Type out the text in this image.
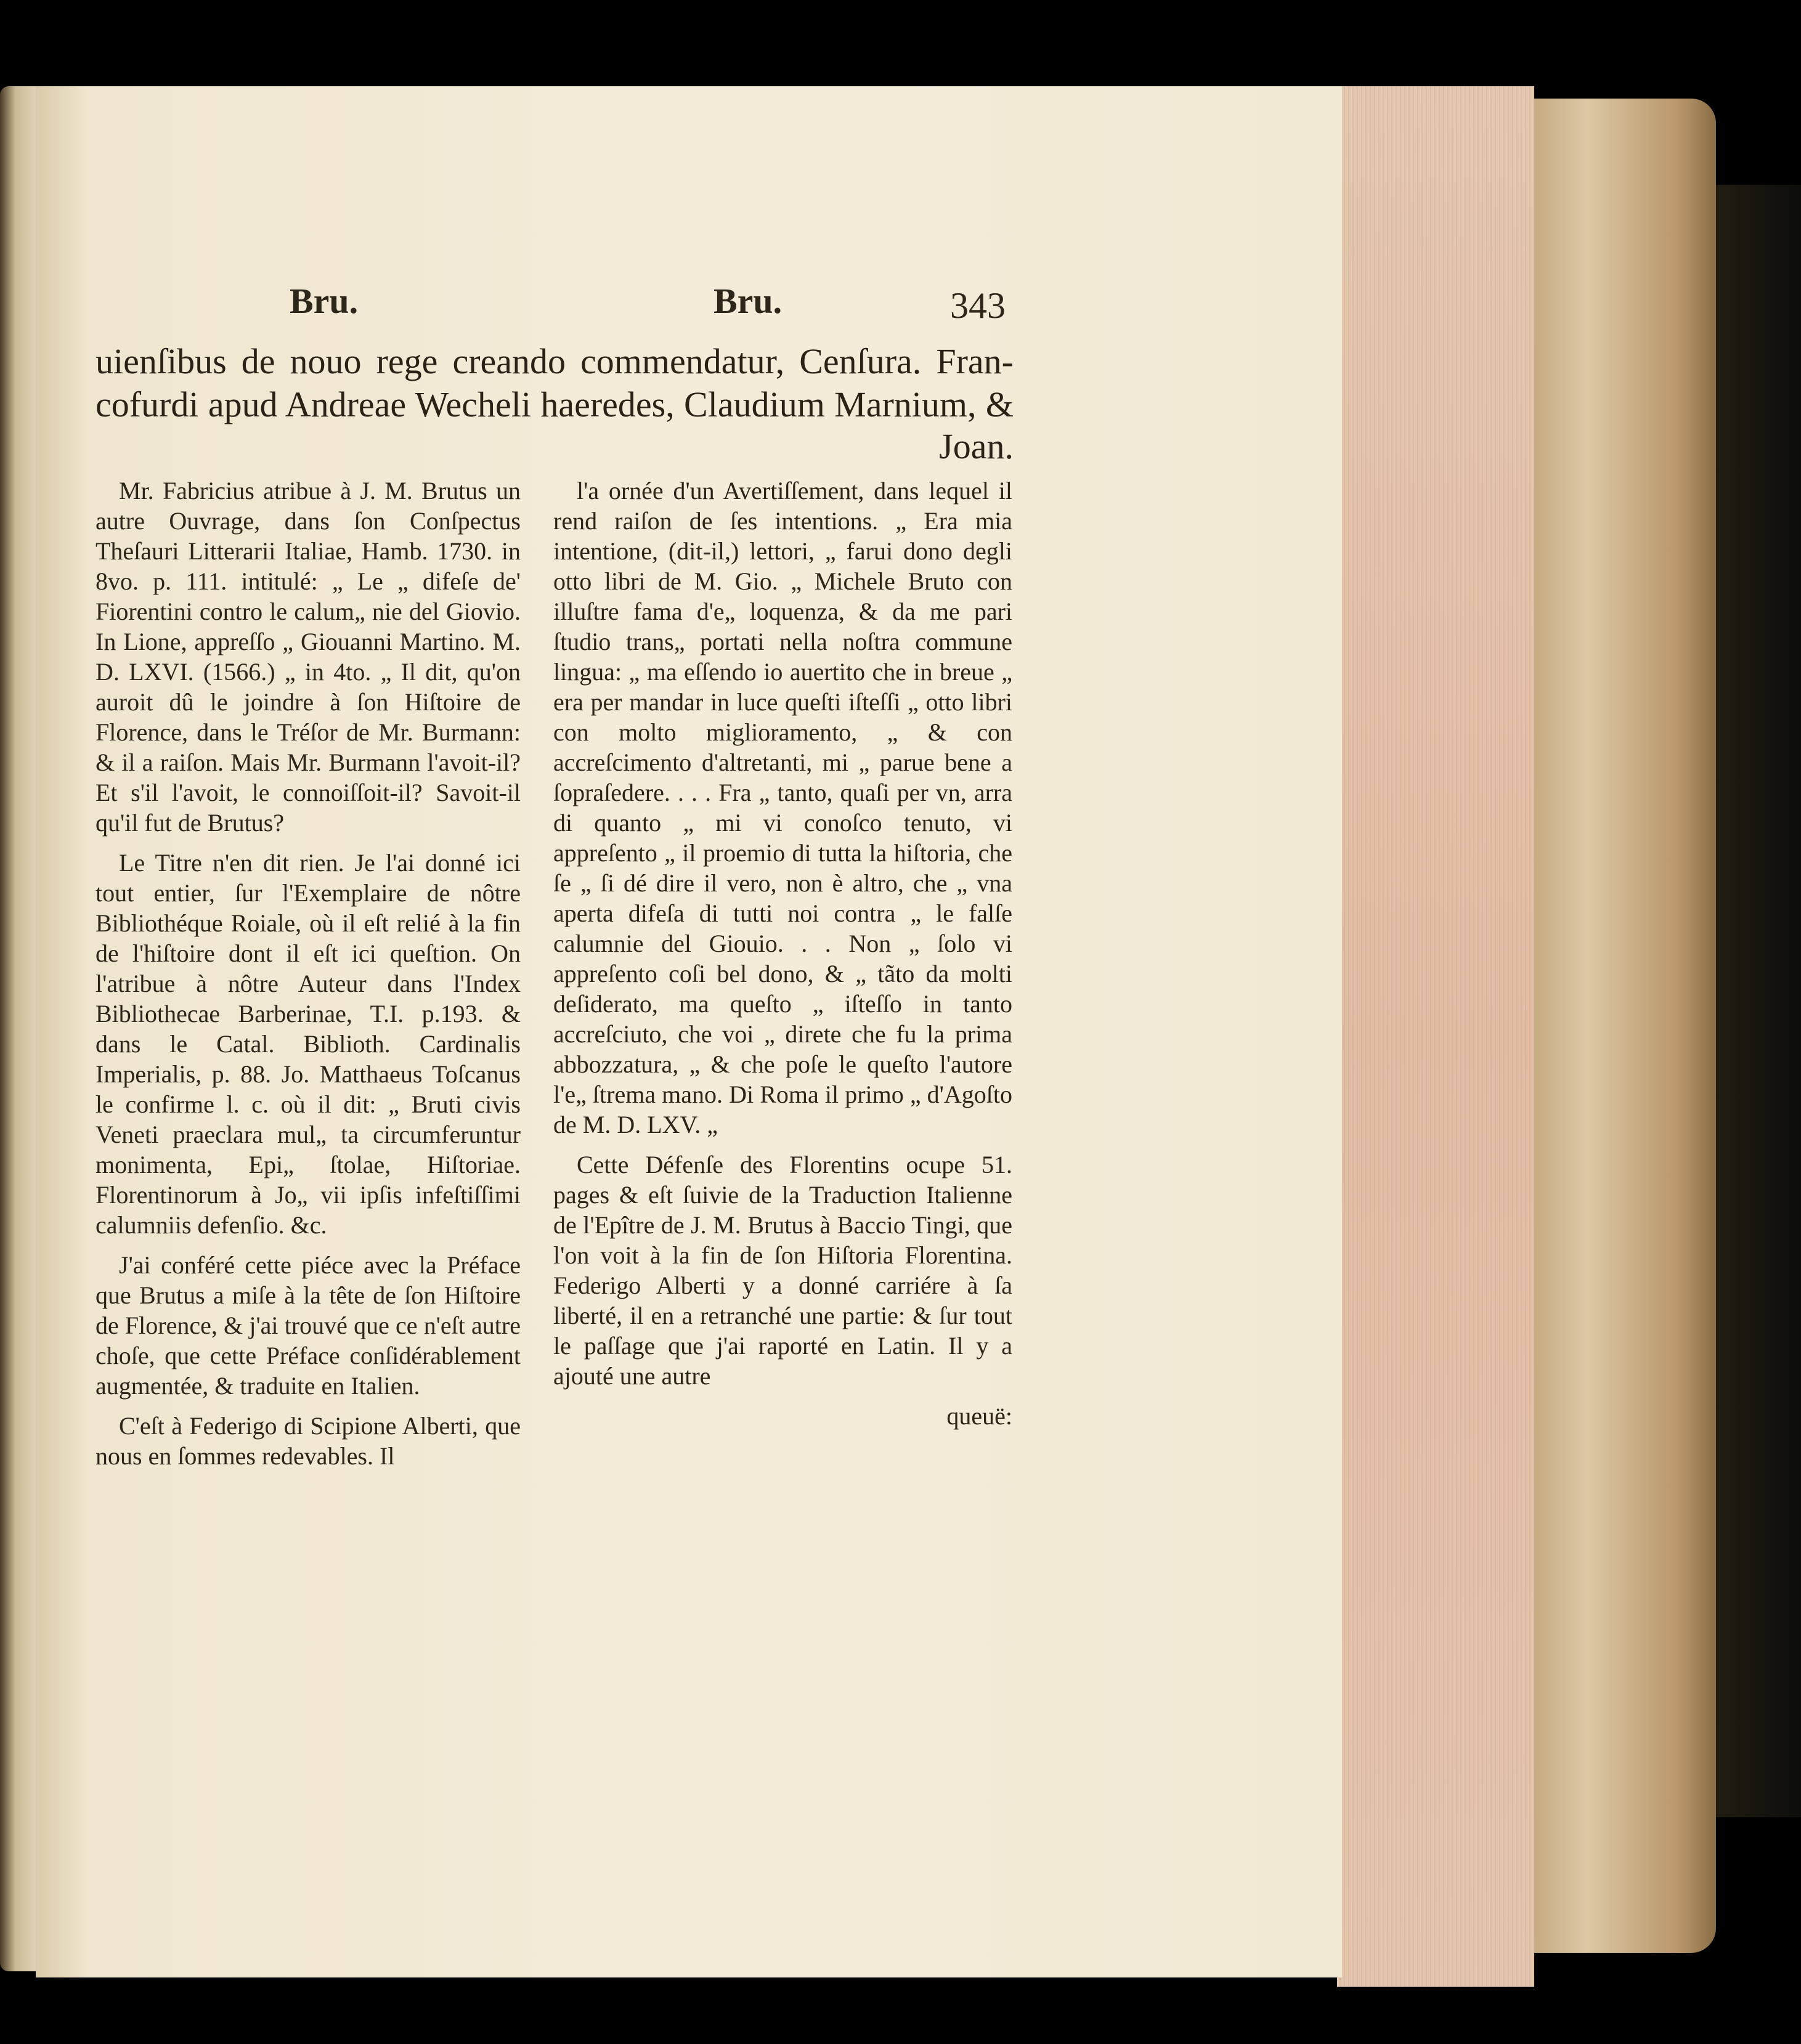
Bru.	Bru.	343
uienſibus de nouo rege creando commendatur, Cenſura. Fran-
cofurdi apud Andreae Wecheli haeredes, Claudium Marnium, &
Joan.

Mr. Fabricius atribue à J. M. Brutus un autre Ouvrage, dans ſon Conſpectus Theſauri Litterarii Italiae, Hamb. 1730. in 8vo. p. 111. intitulé: „ Le „ difeſe de' Fiorentini contro le calum„ nie del Giovio. In Lione, appreſſo „ Giouanni Martino. M. D. LXVI. (1566.) „ in 4to. „ Il dit, qu'on auroit dû le joindre à ſon Hiſtoire de Florence, dans le Tréſor de Mr. Burmann: & il a raiſon. Mais Mr. Burmann l'avoit-il? Et s'il l'avoit, le connoiſſoit-il? Savoit-il qu'il fut de Brutus?

Le Titre n'en dit rien. Je l'ai donné ici tout entier, ſur l'Exemplaire de nôtre Bibliothéque Roiale, où il eſt relié à la fin de l'hiſtoire dont il eſt ici queſtion. On l'atribue à nôtre Auteur dans l'Index Bibliothecae Barberinae, T.I. p.193. & dans le Catal. Biblioth. Cardinalis Imperialis, p. 88. Jo. Matthaeus Toſcanus le confirme l. c. où il dit: „ Bruti civis Veneti praeclara mul„ ta circumferuntur monimenta, Epi„ ſtolae, Hiſtoriae. Florentinorum à Jo„ vii ipſis infeſtiſſimi calumniis defenſio. &c.

J'ai conféré cette piéce avec la Préface que Brutus a miſe à la tête de ſon Hiſtoire de Florence, & j'ai trouvé que ce n'eſt autre choſe, que cette Préface conſidérablement augmentée, & traduite en Italien.

C'eſt à Federigo di Scipione Alberti, que nous en ſommes redevables. Il

l'a ornée d'un Avertiſſement, dans lequel il rend raiſon de ſes intentions. „ Era mia intentione, (dit-il,) lettori, „ farui dono degli otto libri de M. Gio. „ Michele Bruto con illuſtre fama d'e„ loquenza, & da me pari ſtudio trans„ portati nella noſtra commune lingua: „ ma eſſendo io auertito che in breue „ era per mandar in luce queſti iſteſſi „ otto libri con molto miglioramento, „ & con accreſcimento d'altretanti, mi „ parue bene a ſopraſedere. . . . Fra „ tanto, quaſi per vn, arra di quanto „ mi vi conoſco tenuto, vi appreſento „ il proemio di tutta la hiſtoria, che ſe „ ſi dé dire il vero, non è altro, che „ vna aperta difeſa di tutti noi contra „ le falſe calumnie del Giouio. . . Non „ ſolo vi appreſento coſi bel dono, & „ tãto da molti deſiderato, ma queſto „ iſteſſo in tanto accreſciuto, che voi „ direte che fu la prima abbozzatura, „ & che poſe le queſto l'autore l'e„ ſtrema mano. Di Roma il primo „ d'Agoſto de M. D. LXV. „

Cette Défenſe des Florentins ocupe 51. pages & eſt ſuivie de la Traduction Italienne de l'Epître de J. M. Brutus à Baccio Tingi, que l'on voit à la fin de ſon Hiſtoria Florentina. Federigo Alberti y a donné carriére à ſa liberté, il en a retranché une partie: & ſur tout le paſſage que j'ai raporté en Latin. Il y a ajouté une autre

queuë:
